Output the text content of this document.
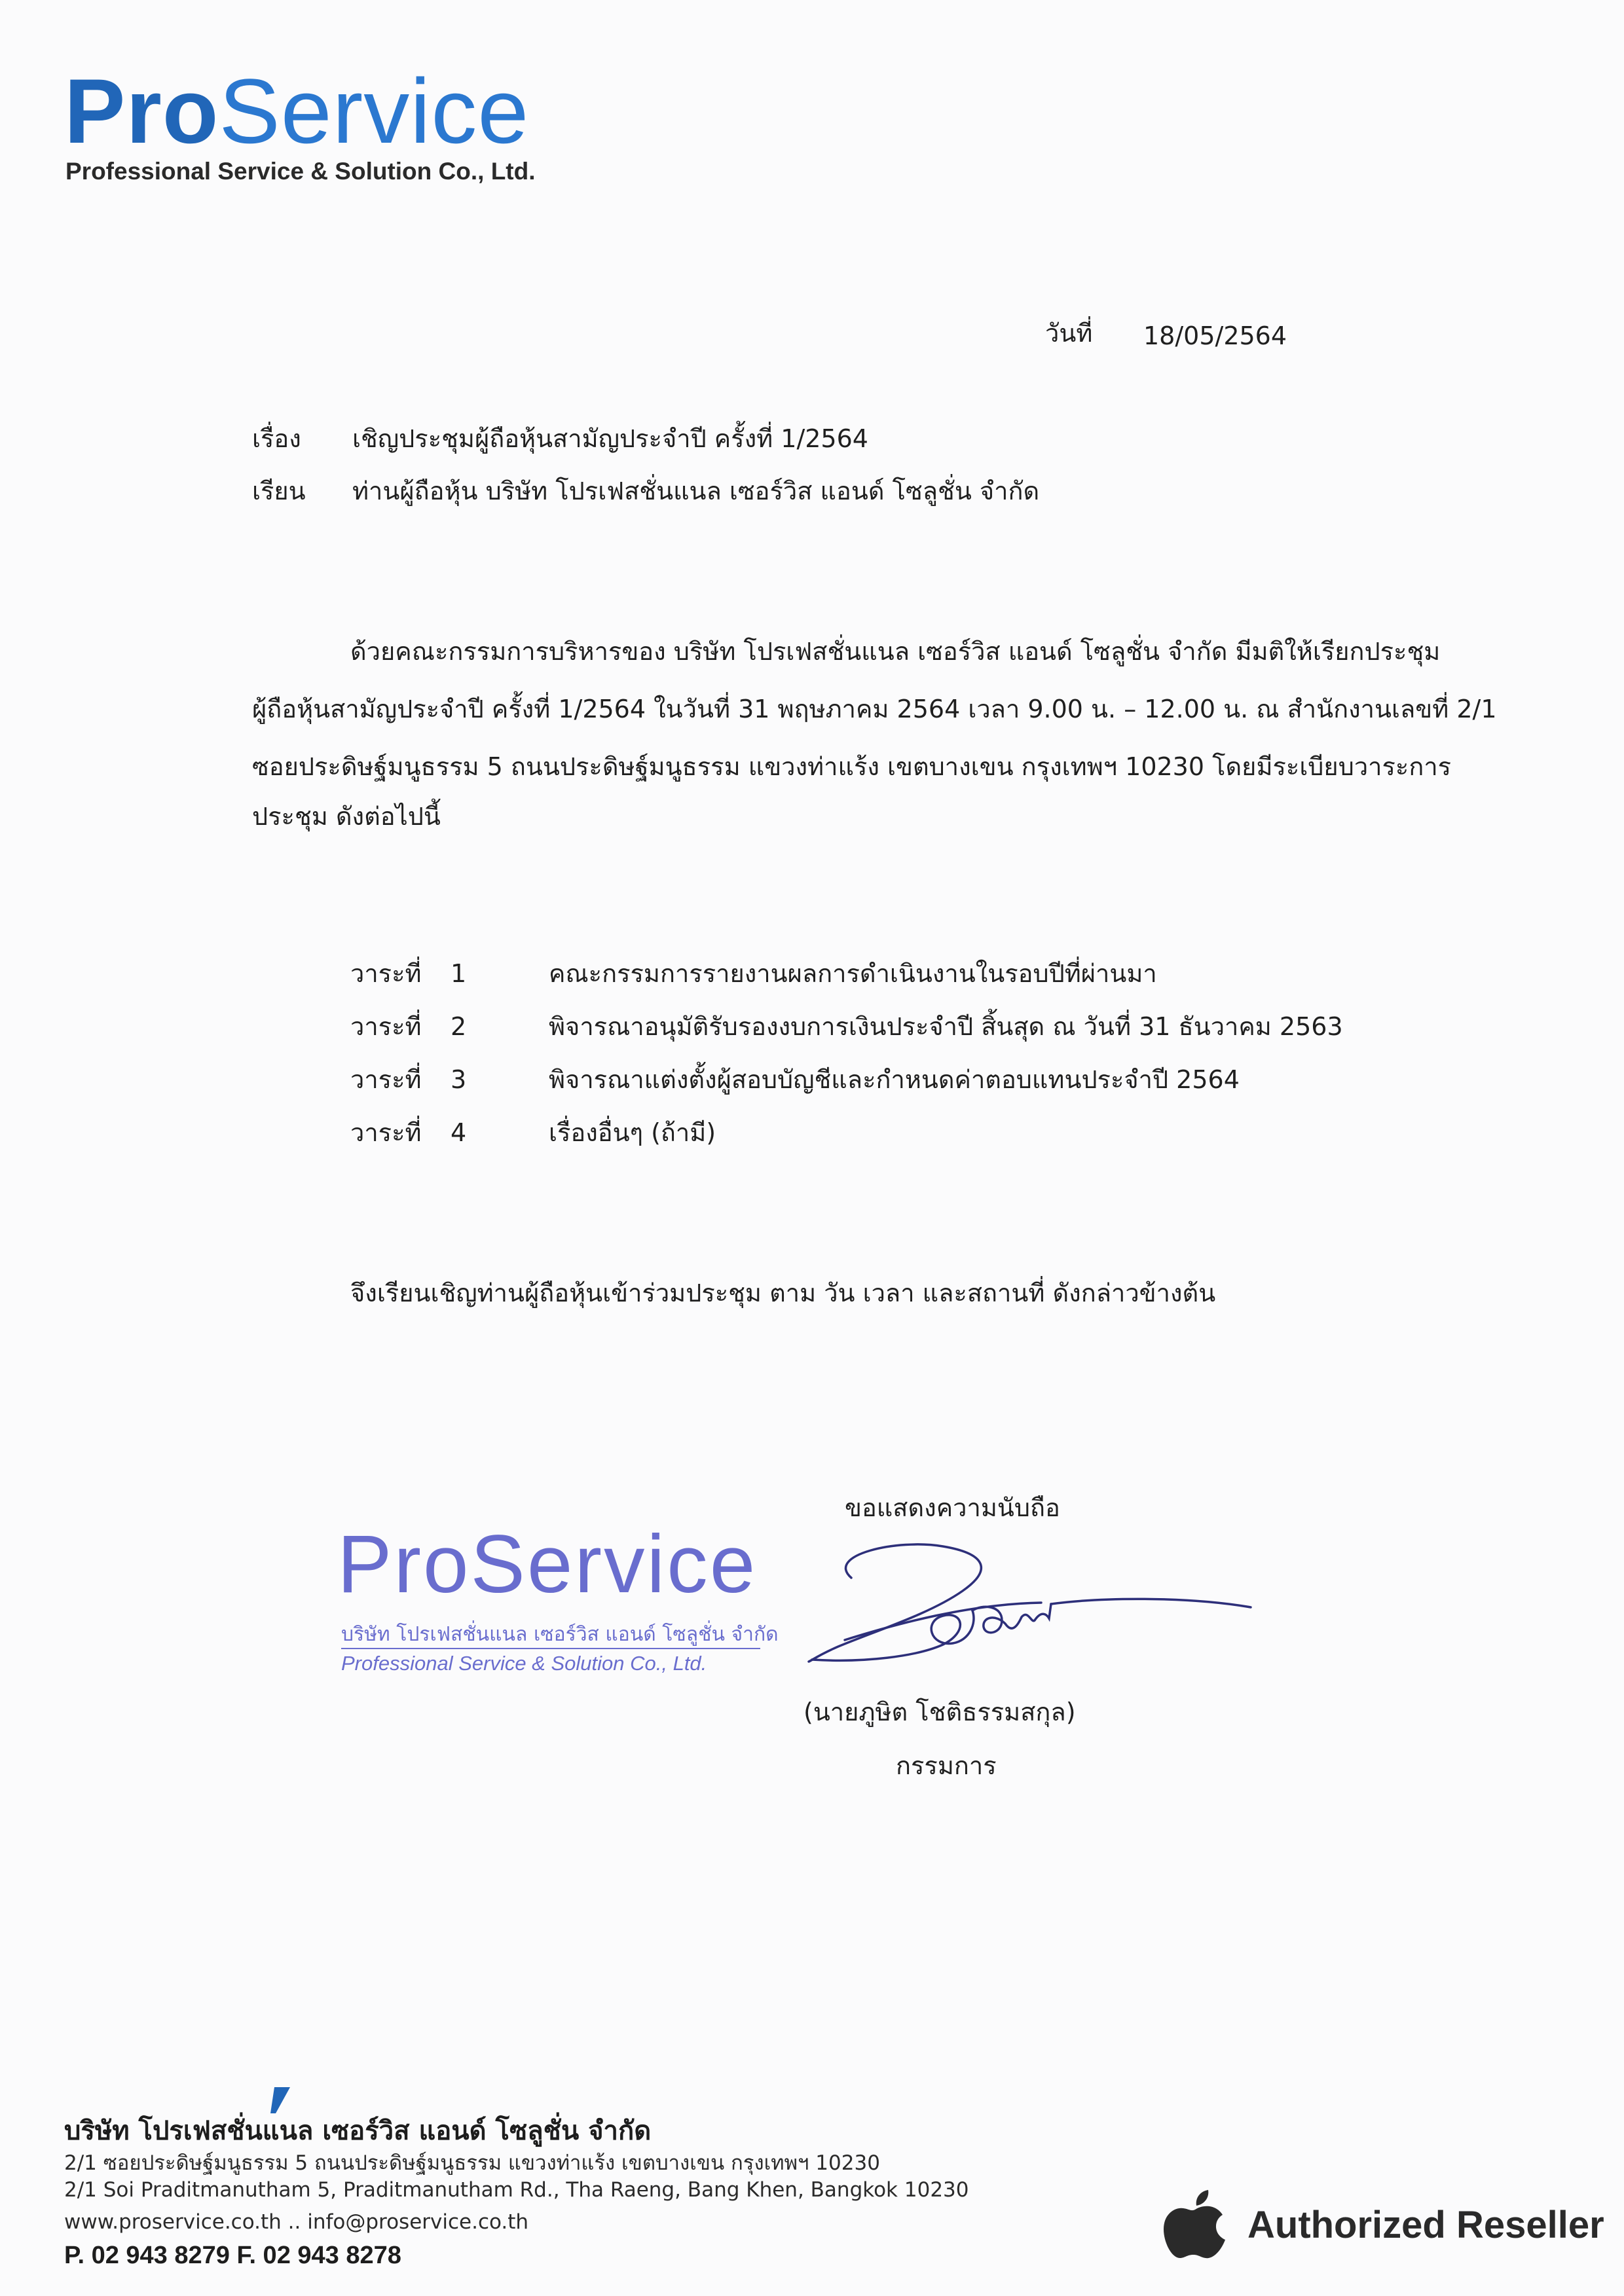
ProService
Professional Service & Solution Co., Ltd.
วันที่ 18/05/2564
เรื่อง เชิญประชุมผู้ถือหุ้นสามัญประจำปี ครั้งที่ 1/2564
เรียน ท่านผู้ถือหุ้น บริษัท โปรเฟสชั่นแนล เซอร์วิส แอนด์ โซลูชั่น จำกัด
ด้วยคณะกรรมการบริหารของ บริษัท โปรเฟสชั่นแนล เซอร์วิส แอนด์ โซลูชั่น จำกัด มีมติให้เรียกประชุม
ผู้ถือหุ้นสามัญประจำปี ครั้งที่ 1/2564 ในวันที่ 31 พฤษภาคม 2564 เวลา 9.00 น. – 12.00 น. ณ สำนักงานเลขที่ 2/1
ซอยประดิษฐ์มนูธรรม 5 ถนนประดิษฐ์มนูธรรม แขวงท่าแร้ง เขตบางเขน กรุงเทพฯ 10230 โดยมีระเบียบวาระการ
ประชุม ดังต่อไปนี้
วาระที่ 1	คณะกรรมการรายงานผลการดำเนินงานในรอบปีที่ผ่านมา
วาระที่ 2	พิจารณาอนุมัติรับรองงบการเงินประจำปี สิ้นสุด ณ วันที่ 31 ธันวาคม 2563
วาระที่ 3	พิจารณาแต่งตั้งผู้สอบบัญชีและกำหนดค่าตอบแทนประจำปี 2564
วาระที่ 4	เรื่องอื่นๆ (ถ้ามี)
จึงเรียนเชิญท่านผู้ถือหุ้นเข้าร่วมประชุม ตาม วัน เวลา และสถานที่ ดังกล่าวข้างต้น
ขอแสดงความนับถือ
ProService
บริษัท โปรเฟสชั่นแนล เซอร์วิส แอนด์ โซลูชั่น จำกัด
Professional Service & Solution Co., Ltd.
(นายภูษิต โชติธรรมสกุล)
กรรมการ
บริษัท โปรเฟสชั่นแนล เซอร์วิส แอนด์ โซลูชั่น จำกัด
2/1 ซอยประดิษฐ์มนูธรรม 5 ถนนประดิษฐ์มนูธรรม แขวงท่าแร้ง เขตบางเขน กรุงเทพฯ 10230
2/1 Soi Praditmanutham 5, Praditmanutham Rd., Tha Raeng, Bang Khen, Bangkok 10230
www.proservice.co.th .. info@proservice.co.th
P. 02 943 8279 F. 02 943 8278
Authorized Reseller
